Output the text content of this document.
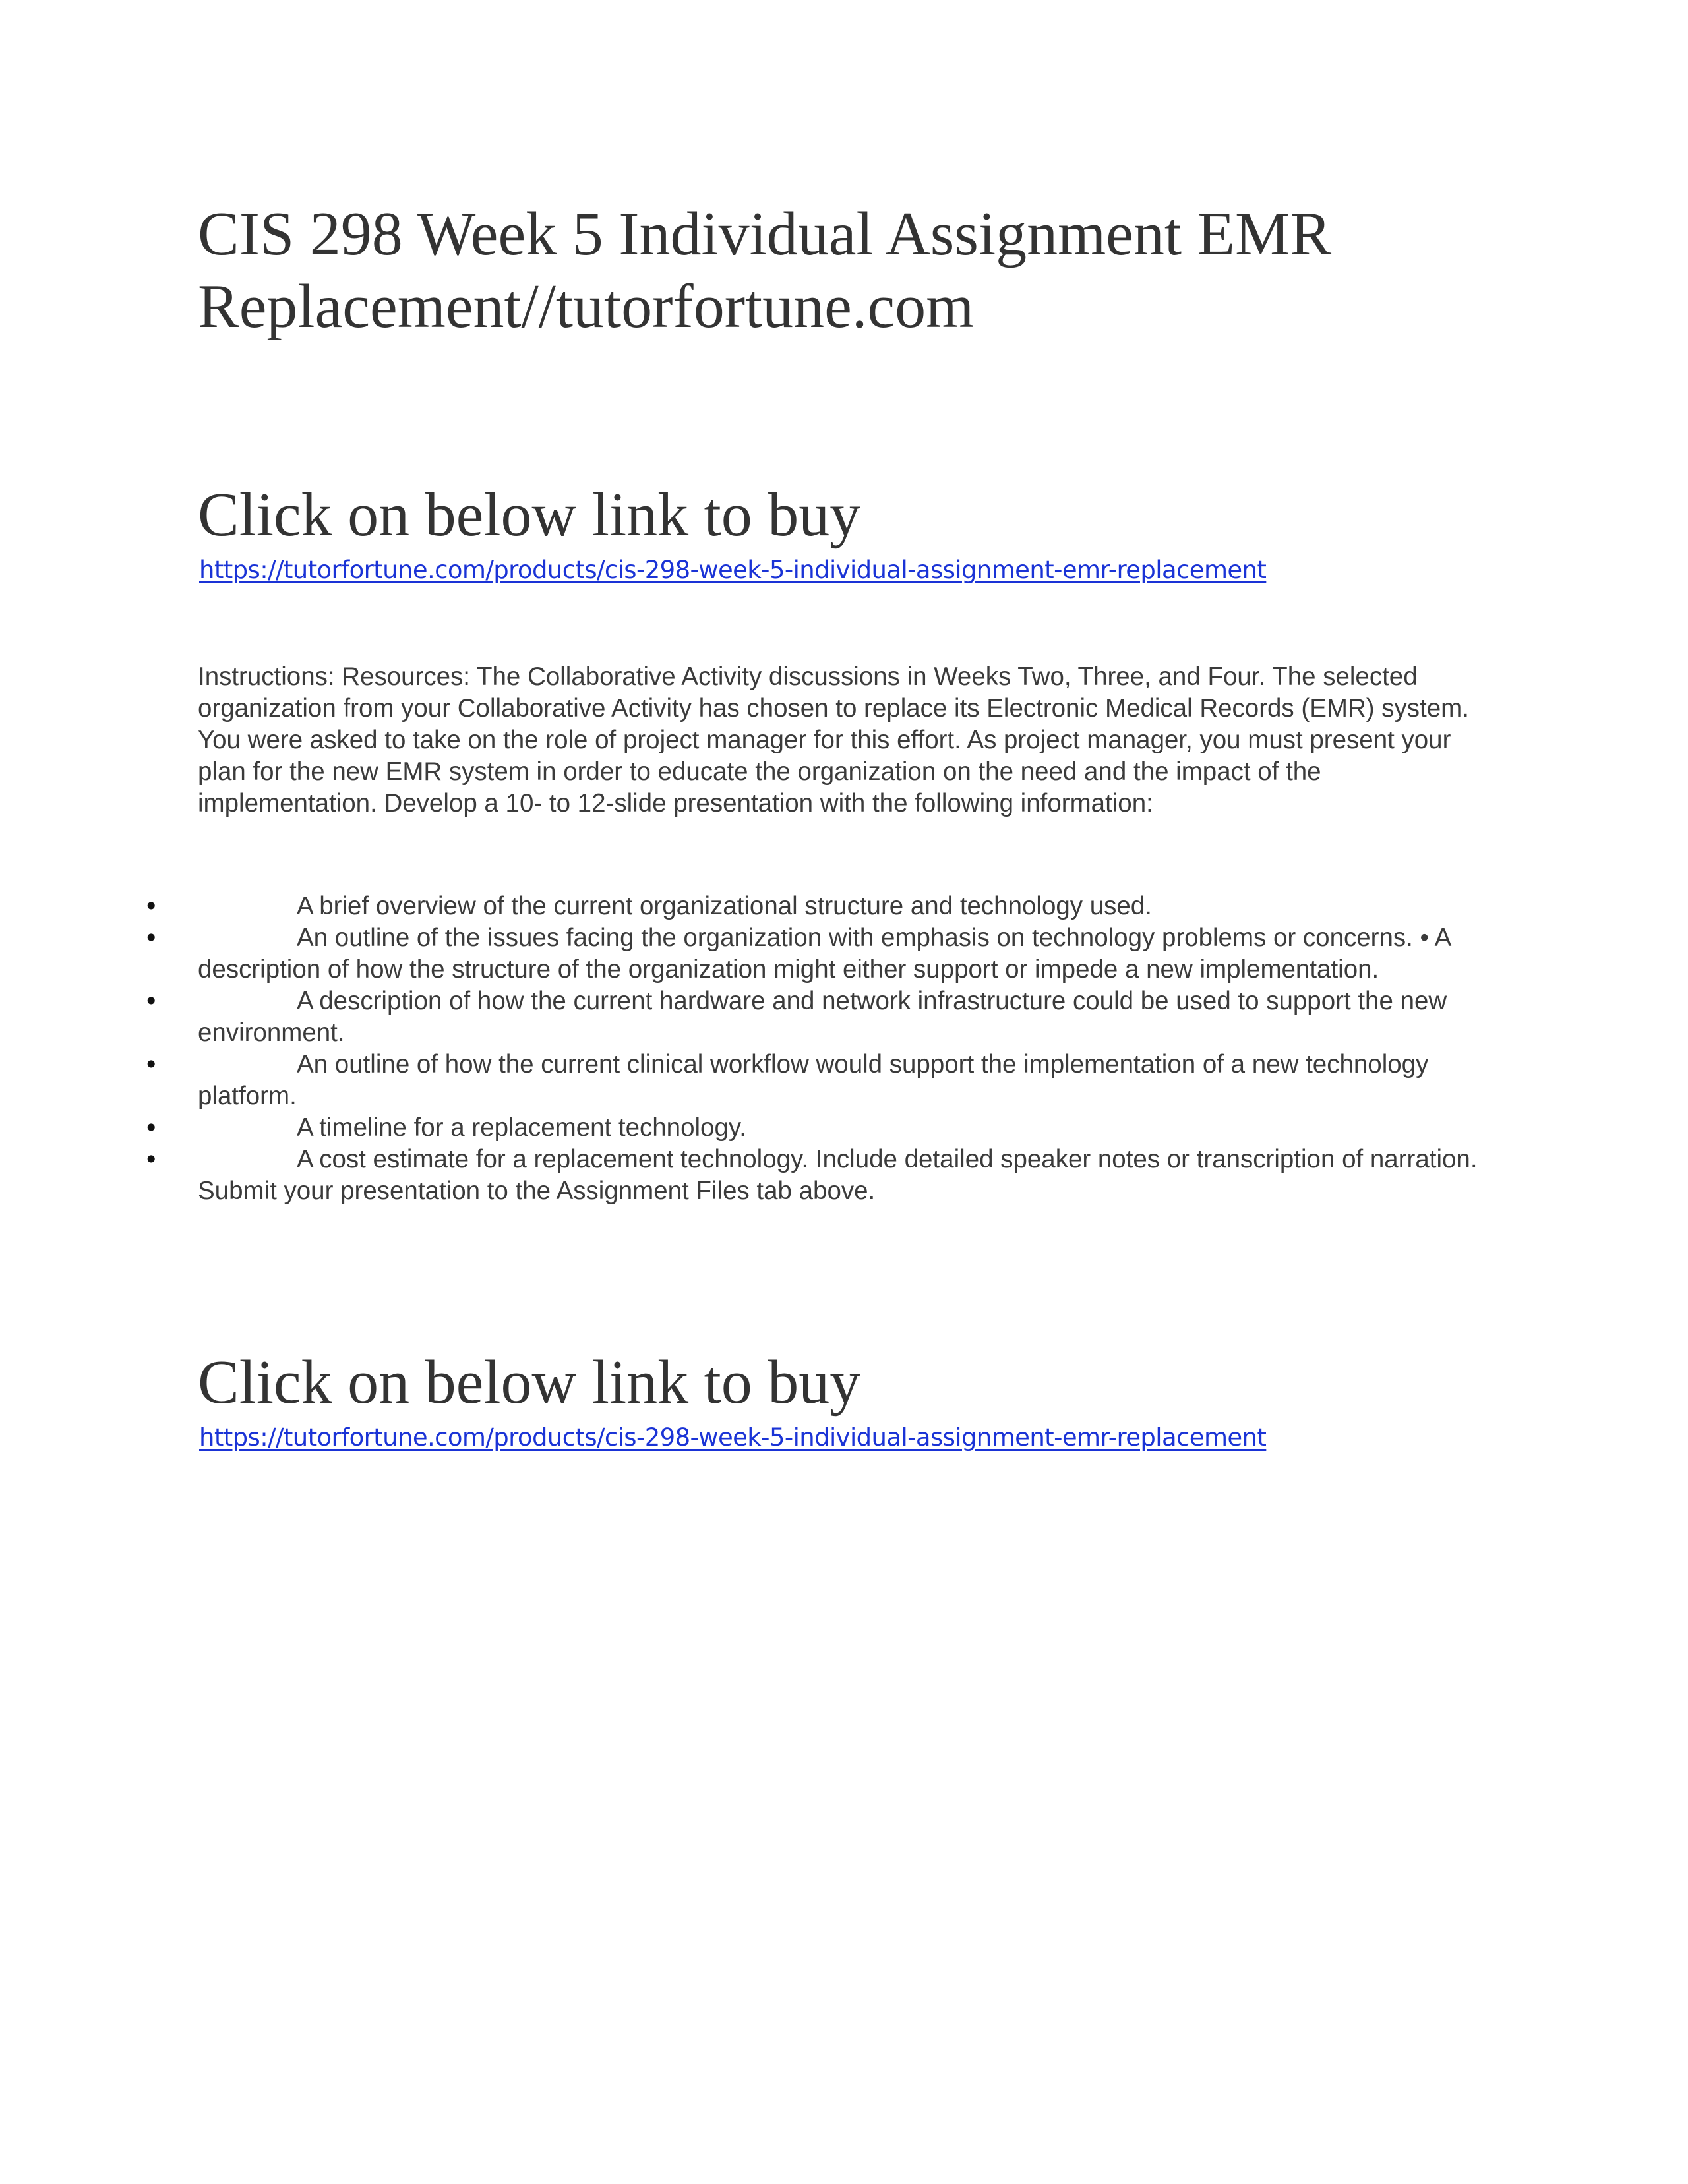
CIS 298 Week 5 Individual Assignment EMR Replacement//tutorfortune.com
Click on below link to buy
https://tutorfortune.com/products/cis-298-week-5-individual-assignment-emr-replacement

Instructions: Resources: The Collaborative Activity discussions in Weeks Two, Three, and Four. The selected organization from your Collaborative Activity has chosen to replace its Electronic Medical Records (EMR) system. You were asked to take on the role of project manager for this effort. As project manager, you must present your plan for the new EMR system in order to educate the organization on the need and the impact of the implementation. Develop a 10- to 12-slide presentation with the following information:

•	A brief overview of the current organizational structure and technology used.
•	An outline of the issues facing the organization with emphasis on technology problems or concerns. • A description of how the structure of the organization might either support or impede a new implementation.
•	A description of how the current hardware and network infrastructure could be used to support the new environment.
•	An outline of how the current clinical workflow would support the implementation of a new technology platform.
•	A timeline for a replacement technology.
•	A cost estimate for a replacement technology. Include detailed speaker notes or transcription of narration. Submit your presentation to the Assignment Files tab above.
Click on below link to buy
https://tutorfortune.com/products/cis-298-week-5-individual-assignment-emr-replacement
